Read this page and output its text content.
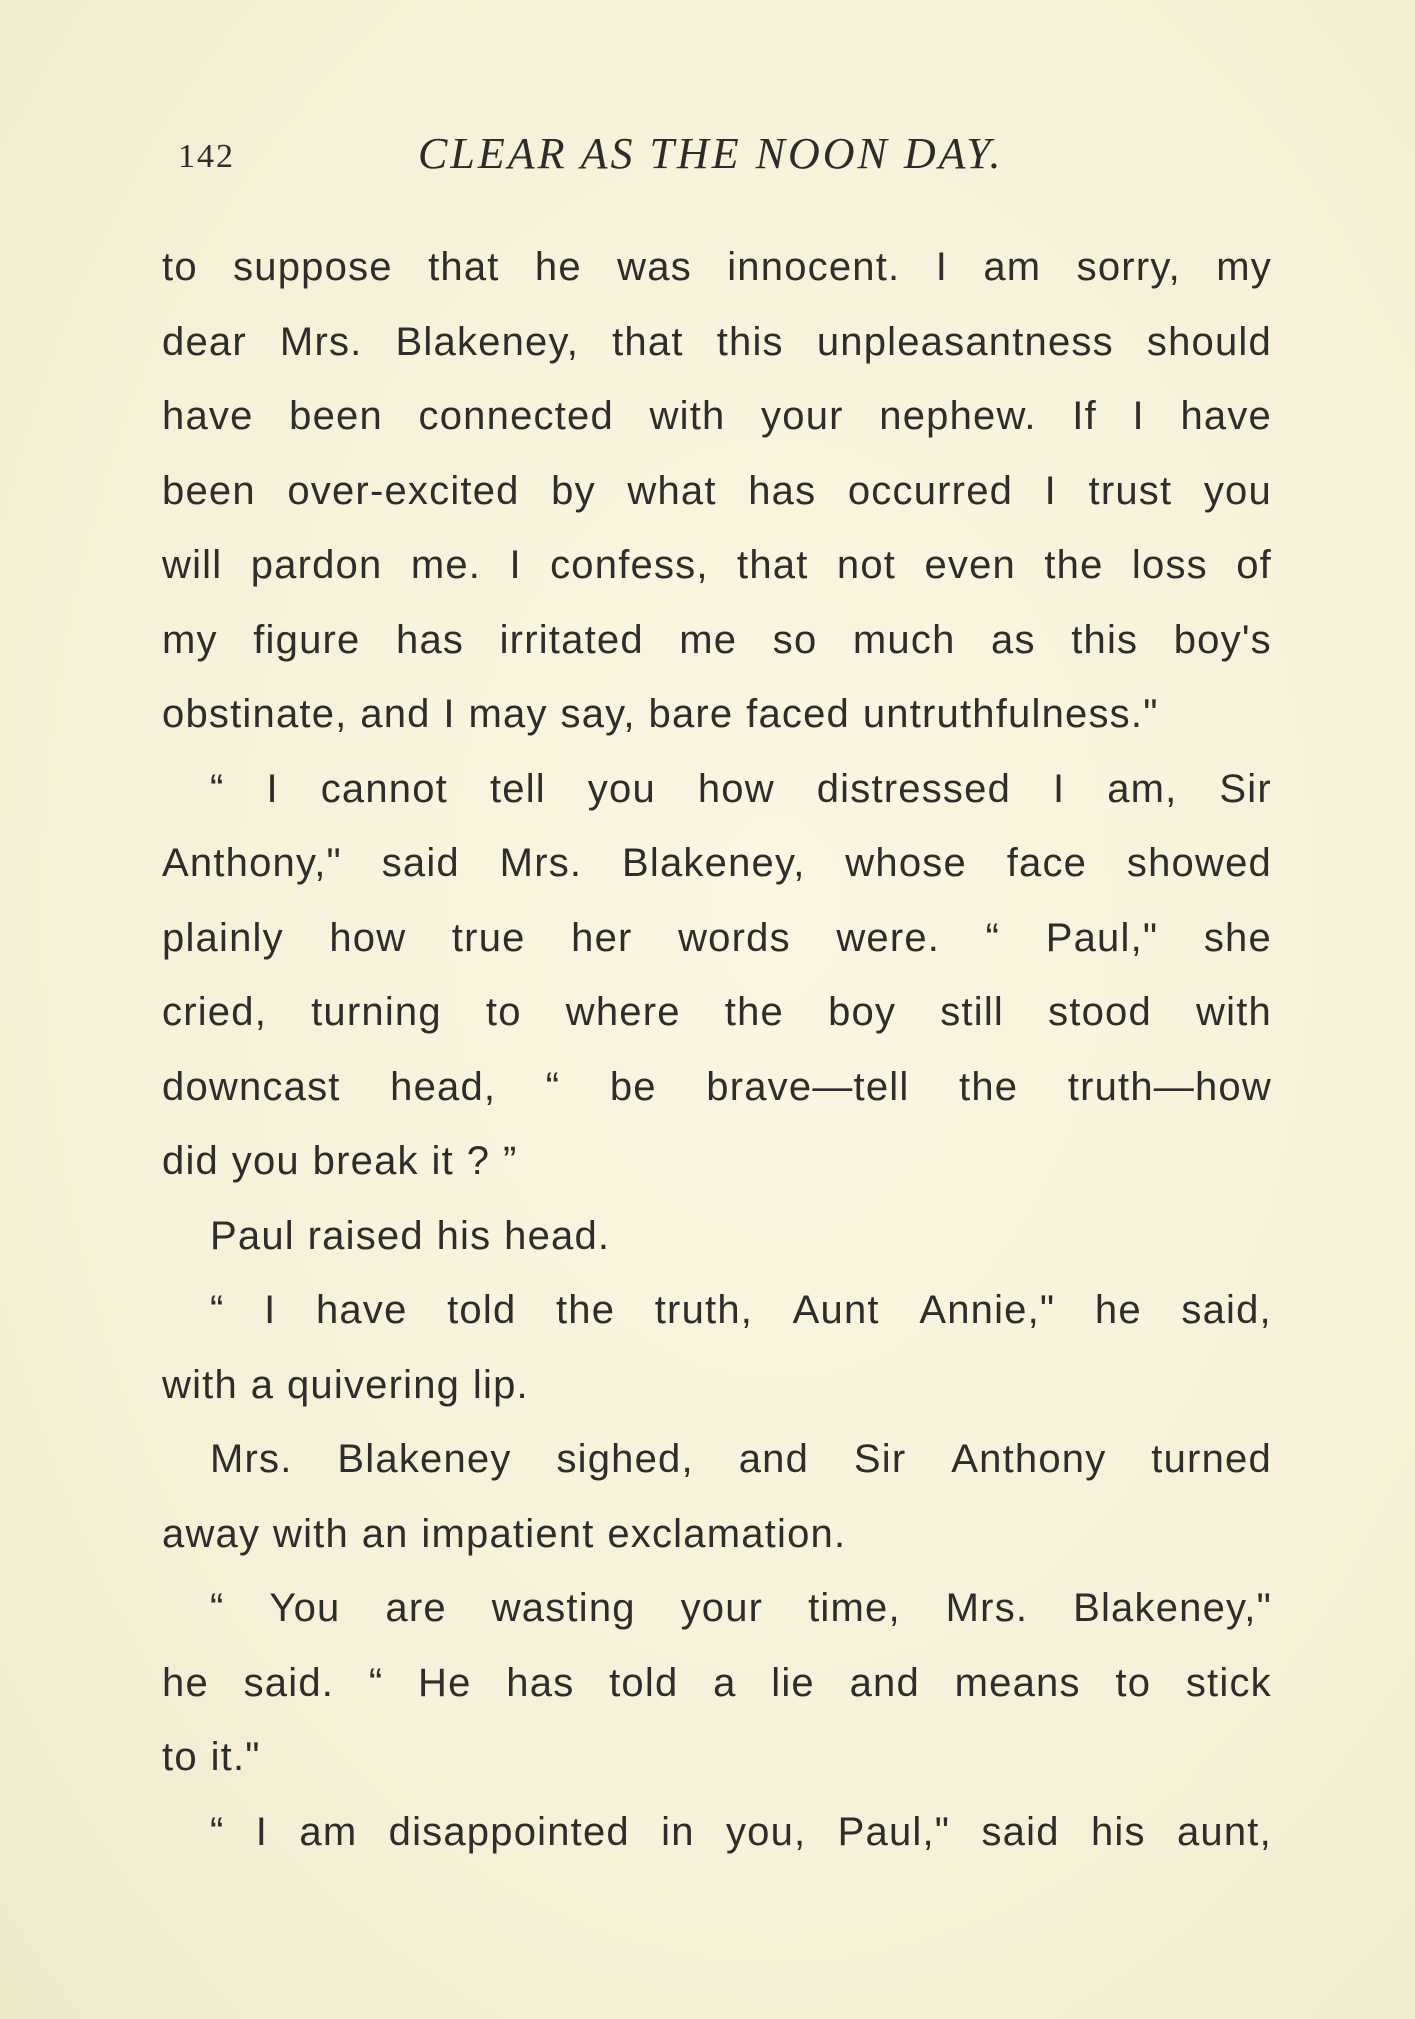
142	CLEAR AS THE NOON DAY.
to suppose that he was innocent. I am sorry, my
dear Mrs. Blakeney, that this unpleasantness should
have been connected with your nephew. If I have
been over-excited by what has occurred I trust you
will pardon me. I confess, that not even the loss of
my figure has irritated me so much as this boy's
obstinate, and I may say, bare faced untruthfulness."
“ I cannot tell you how distressed I am, Sir
Anthony," said Mrs. Blakeney, whose face showed
plainly how true her words were. “ Paul," she
cried, turning to where the boy still stood with
downcast head, “ be brave—tell the truth—how
did you break it ? ”
Paul raised his head.
“ I have told the truth, Aunt Annie," he said,
with a quivering lip.
Mrs. Blakeney sighed, and Sir Anthony turned
away with an impatient exclamation.
“ You are wasting your time, Mrs. Blakeney,"
he said. “ He has told a lie and means to stick
to it."
“ I am disappointed in you, Paul," said his aunt,
